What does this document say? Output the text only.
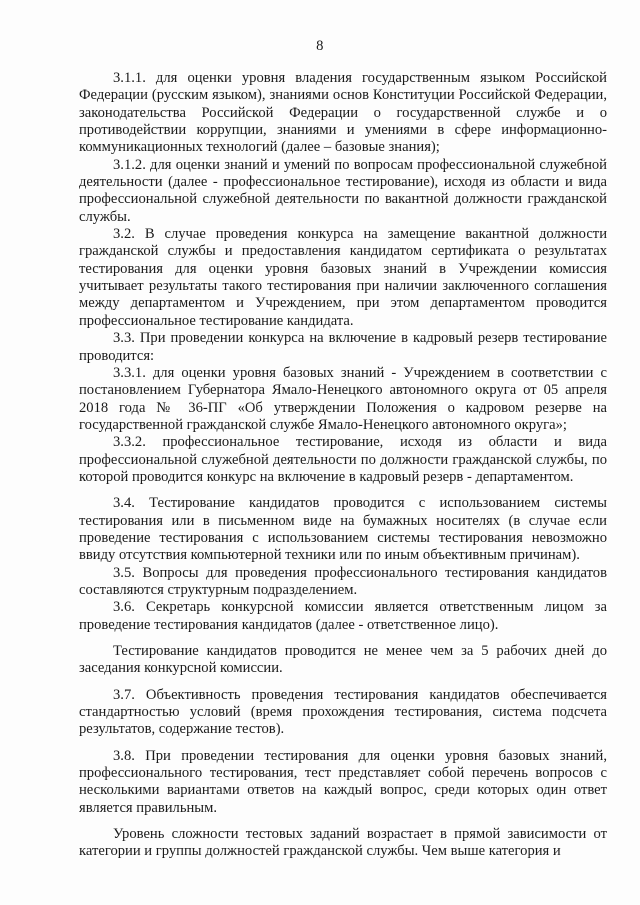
8

3.1.1. для оценки уровня владения государственным языком Российской Федерации (русским языком), знаниями основ Конституции Российской Федерации, законодательства Российской Федерации о государственной службе и о противодействии коррупции, знаниями и умениями в сфере информационно-коммуникационных технологий (далее – базовые знания);

3.1.2. для оценки знаний и умений по вопросам профессиональной служебной деятельности (далее - профессиональное тестирование), исходя из области и вида профессиональной служебной деятельности по вакантной должности гражданской службы.

3.2. В случае проведения конкурса на замещение вакантной должности гражданской службы и предоставления кандидатом сертификата о результатах тестирования для оценки уровня базовых знаний в Учреждении комиссия учитывает результаты такого тестирования при наличии заключенного соглашения между департаментом и Учреждением, при этом департаментом проводится профессиональное тестирование кандидата.

3.3. При проведении конкурса на включение в кадровый резерв тестирование проводится:

3.3.1. для оценки уровня базовых знаний - Учреждением в соответствии с постановлением Губернатора Ямало-Ненецкого автономного округа от 05 апреля 2018 года № 36-ПГ «Об утверждении Положения о кадровом резерве на государственной гражданской службе Ямало-Ненецкого автономного округа»;

3.3.2. профессиональное тестирование, исходя из области и вида профессиональной служебной деятельности по должности гражданской службы, по которой проводится конкурс на включение в кадровый резерв - департаментом.

3.4. Тестирование кандидатов проводится с использованием системы тестирования или в письменном виде на бумажных носителях (в случае если проведение тестирования с использованием системы тестирования невозможно ввиду отсутствия компьютерной техники или по иным объективным причинам).

3.5. Вопросы для проведения профессионального тестирования кандидатов составляются структурным подразделением.

3.6. Секретарь конкурсной комиссии является ответственным лицом за проведение тестирования кандидатов (далее - ответственное лицо).

Тестирование кандидатов проводится не менее чем за 5 рабочих дней до заседания конкурсной комиссии.

3.7. Объективность проведения тестирования кандидатов обеспечивается стандартностью условий (время прохождения тестирования, система подсчета результатов, содержание тестов).

3.8. При проведении тестирования для оценки уровня базовых знаний, профессионального тестирования, тест представляет собой перечень вопросов с несколькими вариантами ответов на каждый вопрос, среди которых один ответ является правильным.

Уровень сложности тестовых заданий возрастает в прямой зависимости от категории и группы должностей гражданской службы. Чем выше категория и
